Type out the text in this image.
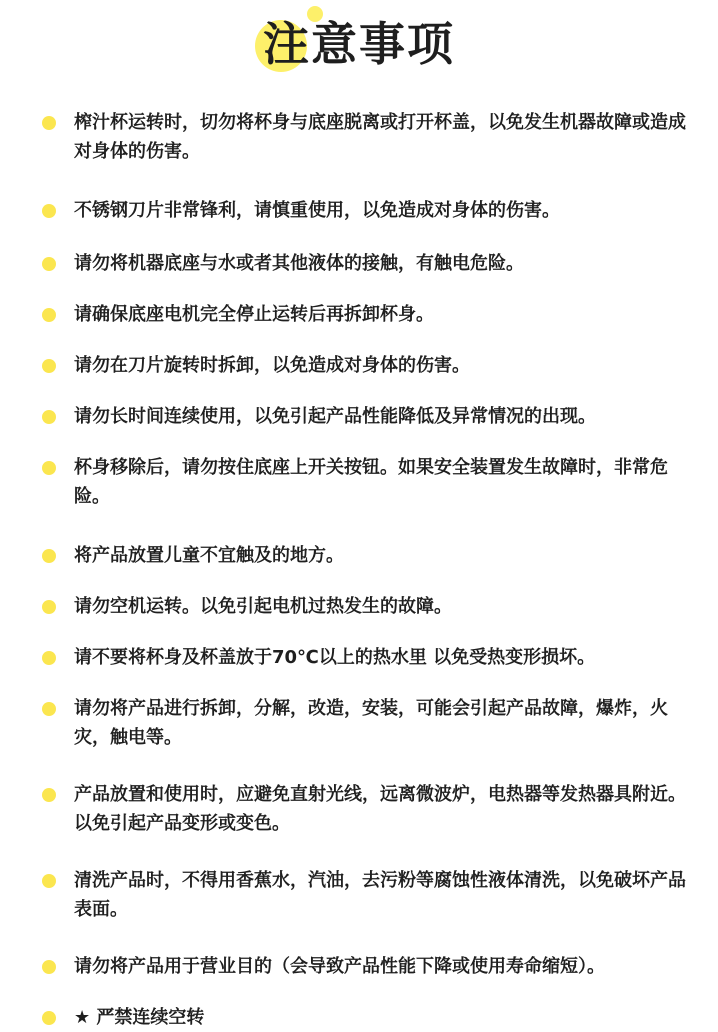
注意事项
榨汁杯运转时，切勿将杯身与底座脱离或打开杯盖，以免发生机器故障或造成对身体的伤害。
不锈钢刀片非常锋利，请慎重使用，以免造成对身体的伤害。
请勿将机器底座与水或者其他液体的接触，有触电危险。
请确保底座电机完全停止运转后再拆卸杯身。
请勿在刀片旋转时拆卸，以免造成对身体的伤害。
请勿长时间连续使用，以免引起产品性能降低及异常情况的出现。
杯身移除后，请勿按住底座上开关按钮。如果安全装置发生故障时，非常危险。
将产品放置儿童不宜触及的地方。
请勿空机运转。以免引起电机过热发生的故障。
请不要将杯身及杯盖放于70℃以上的热水里 以免受热变形损坏。
请勿将产品进行拆卸，分解，改造，安装，可能会引起产品故障，爆炸，火灾，触电等。
产品放置和使用时，应避免直射光线，远离微波炉，电热器等发热器具附近。以免引起产品变形或变色。
清洗产品时，不得用香蕉水，汽油，去污粉等腐蚀性液体清洗，以免破坏产品表面。
请勿将产品用于营业目的（会导致产品性能下降或使用寿命缩短）。
★ 严禁连续空转
